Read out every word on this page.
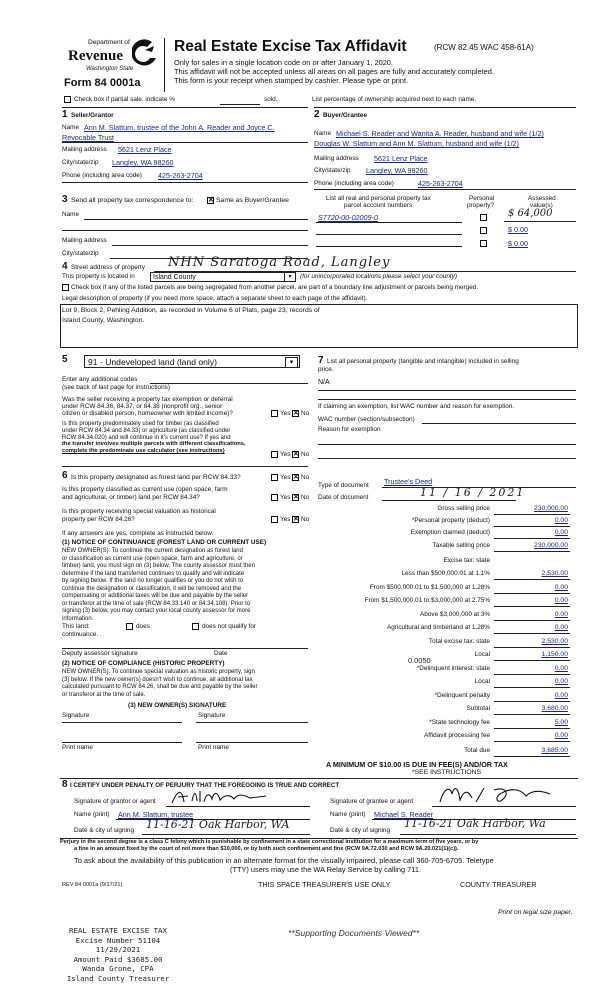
Department of
Revenue
Washington State
Form 84 0001a
Real Estate Excise Tax Affidavit	(RCW 82.45 WAC 458-61A)
Only for sales in a single location code on or after January 1, 2020.
This affidavit will not be accepted unless all areas on all pages are fully and accurately completed.
This form is your receipt when stamped by cashier. Please type or print.
Check box if partial sale, indicate %	sold.	List percentage of ownership acquired next to each name.
1 Seller/Grantor
Name Ann M. Slattum, trustee of the John A. Reader and Joyce C.
Revocable Trust
Mailing address 5621 Lenz Place
City/state/zip Langley, WA 98260
Phone (including area code) 425-263-2704
2 Buyer/Grantee
Name Michael S. Reader and Wanita A. Reader, husband and wife (1/2)
Douglas W. Slattum and Ann M. Slattum, husband and wife (1/2)
Mailing address 5621 Lenz Place
City/state/zip Langley, WA 98260
Phone (including area code)	425-263-2704
3 Send all property tax correspondence to: ✕ Same as Buyer/Grantee
Name
Mailing address
City/state/zip
List all real and personal property tax
parcel account numbers
Personal
property?
Assessed
value(s)
S7720-00-02009-0	$ 64,000
$ 0.00
$ 0.00
4 Street address of property NHN Saratoga Road, Langley
This property is located in	Island County	▾	(for unincorporated locations please select your county)
Check box if any of the listed parcels are being segregated from another parcel, are part of a boundary line adjustment or parcels being merged.
Legal description of property (if you need more space, attach a separate sheet to each page of the affidavit).
Lot 9, Block 2, Pehling Addition, as recorded in Volume 6 of Plats, page 23, records of
Island County, Washington.
5 91 - Undeveloped land (land only)	▾
Enter any additional codes
(see back of last page for instructions)
Was the seller receiving a property tax exemption or deferral
under RCW 84.36, 84.37, or 84.38 (nonprofit org., senior
citizen or disabled person, homeowner with limited income)?	Yes ✕ No
Is this property predominately used for timber (as classified
under RCW 84.34 and 84.33) or agriculture (as classified under
RCW 84.34.020) and will continue in it's current use? If yes and
the transfer involves multiple parcels with different classifications,
complete the predominate use calculator (see instructions)	Yes ✕ No
6 Is this property designated as forest land per RCW 84.33?	Yes ✕ No
Is this property classified as current use (open space, farm
and agricultural, or timber) land per RCW 84.34?	Yes ✕ No
Is this property receiving special valuation as historical
property per RCW 84.26?	Yes ✕ No
If any answers are yes, complete as instructed below.
(1) NOTICE OF CONTINUANCE (FOREST LAND OR CURRENT USE)
NEW OWNER(S): To continue the current designation as forest land
or classification as current use (open space, farm and agriculture, or
timber) land, you must sign on (3) below. The county assessor must then
determine if the land transferred continues to qualify and will indicate
by signing below. If the land no longer qualifies or you do not wish to
continue the designation or classification, it will be removed and the
compensating or additional taxes will be due and payable by the seller
or transferor at the time of sale (RCW 84.33.140 or 84.34.108). Prior to
signing (3) below, you may contact your local county assessor for more
information.
This land:	does	does not qualify for
continuance.
Deputy assessor signature	Date
(2) NOTICE OF COMPLIANCE (HISTORIC PROPERTY)
NEW OWNER(S): To continue special valuation as historic property, sign
(3) below. If the new owner(s) doesn't wish to continue, all additional tax
calculated pursuant to RCW 84.26, shall be due and payable by the seller
or transferor at the time of sale.
(3) NEW OWNER(S) SIGNATURE
Signature	Signature
Print name	Print name
7 List all personal property (tangible and intangible) included in selling
price.
N/A
If claiming an exemption, list WAC number and reason for exemption.
WAC number (section/subsection)
Reason for exemption
Type of document Trustee's Deed
Date of document	11 / 16 / 2021
Gross selling price	230,000.00
*Personal property (deduct)	0.00
Exemption claimed (deduct)	0.00
Taxable selling price	230,000.00
Excise tax: state
Less than $500,000.01 at 1.1%	2,530.00
From $500,000.01 to $1,500,000 at 1.28%	0.00
From $1,500,000.01 to $3,000,000 at 2.75%	0.00
Above $3,000,000 at 3%	0.00
Agricultural and timberland at 1.28%	0.00
Total excise tax: state	2,530.00
Local	1,150.00
*Delinquent interest: state	0.00
Local	0.00
*Delinquent penalty	0.00
Subtotal	3,680.00
*State technology fee	5.00
Affidavit processing fee	0.00
Total due	3,685.00
0.0050
A MINIMUM OF $10.00 IS DUE IN FEE(S) AND/OR TAX
*SEE INSTRUCTIONS
8 I CERTIFY UNDER PENALTY OF PERJURY THAT THE FOREGOING IS TRUE AND CORRECT
Signature of grantor or agent
Name (print) Ann M. Slattum, trustee
Date & city of signing 11-16-21 Oak Harbor, WA
Signature of grantee or agent
Name (print) Michael S. Reader
Date & city of signing
11-16-21 Oak Harbor, Wa
Perjury in the second degree is a class C felony which is punishable by confinement in a state correctional institution for a maximum term of five years, or by
a fine in an amount fixed by the court of not more than $10,000, or by both such confinement and fine (RCW 9A.72.030 and RCW 9A.20.021(1)(c)).
To ask about the availability of this publication in an alternate format for the visually impaired, please call 360-705-6705. Teletype
(TTY) users may use the WA Relay Service by calling 711.
REV 84 0001a (9/17/21)	THIS SPACE TREASURER'S USE ONLY	COUNTY TREASURER
REAL ESTATE EXCISE TAX
Excise Number 51104
11/29/2021
Amount Paid $3685.00
Wanda Grone, CPA
Island County Treasurer
**Supporting Documents Viewed**
Print on legal size paper.
